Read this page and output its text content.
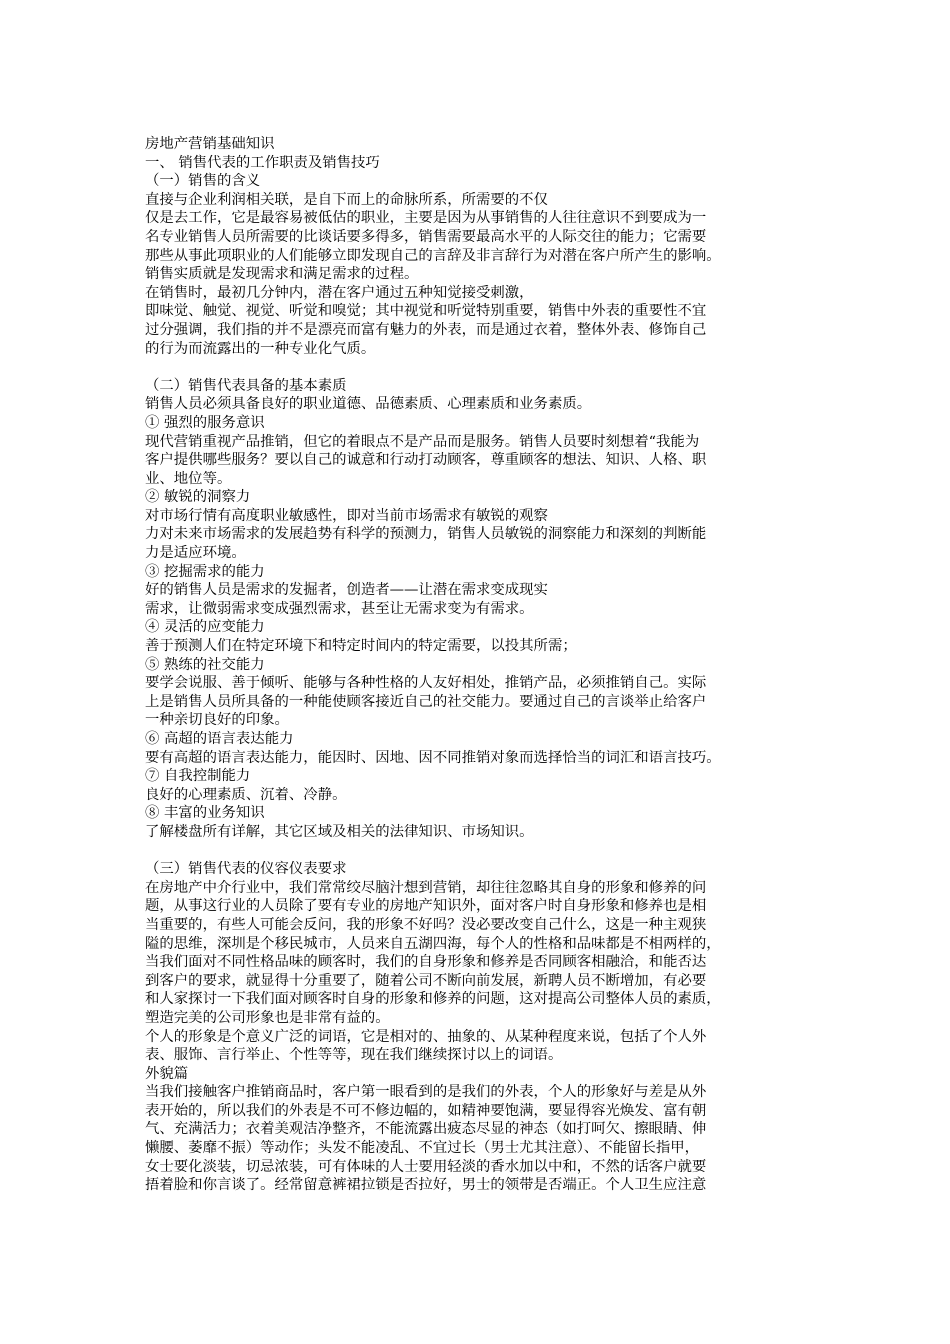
房地产营销基础知识
一、 销售代表的工作职责及销售技巧
（一）销售的含义
直接与企业利润相关联，是自下而上的命脉所系，所需要的不仅
仅是去工作，它是最容易被低估的职业，主要是因为从事销售的人往往意识不到要成为一
名专业销售人员所需要的比谈话要多得多，销售需要最高水平的人际交往的能力；它需要
那些从事此项职业的人们能够立即发现自己的言辞及非言辞行为对潜在客户所产生的影响。
销售实质就是发现需求和满足需求的过程。
在销售时，最初几分钟内，潜在客户通过五种知觉接受刺激，
即味觉、触觉、视觉、听觉和嗅觉；其中视觉和听觉特别重要，销售中外表的重要性不宜
过分强调，我们指的并不是漂亮而富有魅力的外表，而是通过衣着，整体外表、修饰自己
的行为而流露出的一种专业化气质。
（二）销售代表具备的基本素质
销售人员必须具备良好的职业道德、品德素质、心理素质和业务素质。
① 强烈的服务意识
现代营销重视产品推销，但它的着眼点不是产品而是服务。销售人员要时刻想着“我能为
客户提供哪些服务？要以自己的诚意和行动打动顾客，尊重顾客的想法、知识、人格、职
业、地位等。
② 敏锐的洞察力
对市场行情有高度职业敏感性，即对当前市场需求有敏锐的观察
力对未来市场需求的发展趋势有科学的预测力，销售人员敏锐的洞察能力和深刻的判断能
力是适应环境。
③ 挖掘需求的能力
好的销售人员是需求的发掘者，创造者——让潜在需求变成现实
需求，让微弱需求变成强烈需求，甚至让无需求变为有需求。
④ 灵活的应变能力
善于预测人们在特定环境下和特定时间内的特定需要，以投其所需；
⑤ 熟练的社交能力
要学会说服、善于倾听、能够与各种性格的人友好相处，推销产品，必须推销自己。实际
上是销售人员所具备的一种能使顾客接近自己的社交能力。要通过自己的言谈举止给客户
一种亲切良好的印象。
⑥ 高超的语言表达能力
要有高超的语言表达能力，能因时、因地、因不同推销对象而选择恰当的词汇和语言技巧。
⑦ 自我控制能力
良好的心理素质、沉着、冷静。
⑧ 丰富的业务知识
了解楼盘所有详解，其它区域及相关的法律知识、市场知识。
（三）销售代表的仪容仪表要求
在房地产中介行业中，我们常常绞尽脑汁想到营销，却往往忽略其自身的形象和修养的问
题，从事这行业的人员除了要有专业的房地产知识外，面对客户时自身形象和修养也是相
当重要的，有些人可能会反问，我的形象不好吗？没必要改变自己什么，这是一种主观狭
隘的思维，深圳是个移民城市，人员来自五湖四海，每个人的性格和品味都是不相两样的，
当我们面对不同性格品味的顾客时，我们的自身形象和修养是否同顾客相融洽，和能否达
到客户的要求，就显得十分重要了，随着公司不断向前发展，新聘人员不断增加，有必要
和人家探讨一下我们面对顾客时自身的形象和修养的问题，这对提高公司整体人员的素质，
塑造完美的公司形象也是非常有益的。
个人的形象是个意义广泛的词语，它是相对的、抽象的、从某种程度来说，包括了个人外
表、服饰、言行举止、个性等等，现在我们继续探讨以上的词语。
外貌篇
当我们接触客户推销商品时，客户第一眼看到的是我们的外表，个人的形象好与差是从外
表开始的，所以我们的外表是不可不修边幅的，如精神要饱满，要显得容光焕发、富有朝
气、充满活力；衣着美观洁净整齐，不能流露出疲态尽显的神态（如打呵欠、擦眼睛、伸
懒腰、萎靡不振）等动作；头发不能凌乱、不宜过长（男士尤其注意）、不能留长指甲，
女士要化淡装，切忌浓装，可有体味的人士要用轻淡的香水加以中和，不然的话客户就要
捂着脸和你言谈了。经常留意裤裙拉锁是否拉好，男士的领带是否端正。个人卫生应注意
